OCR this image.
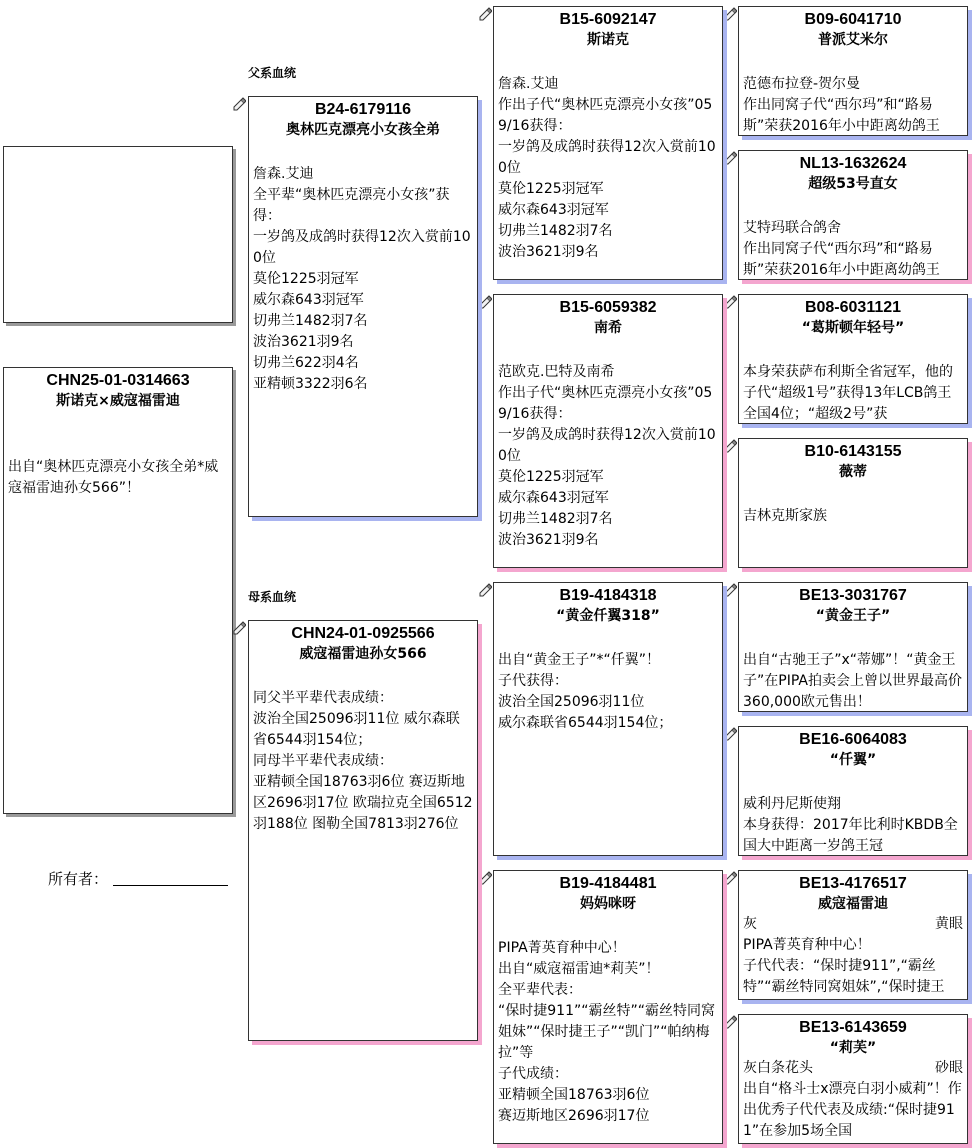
CHN25-01-0314663
斯诺克×威寇福雷迪
出自“奥林匹克漂亮小女孩全弟*威寇福雷迪孙女566”！
所有者：
父系血统
母系血统
B24-6179116
奥林匹克漂亮小女孩全弟
詹森.艾迪
全平辈“奥林匹克漂亮小女孩”获得：
一岁鸽及成鸽时获得12次入赏前100位
莫伦1225羽冠军
威尔森643羽冠军
切弗兰1482羽7名
波治3621羽9名
切弗兰622羽4名
亚精顿3322羽6名
CHN24-01-0925566
威寇福雷迪孙女566
同父半平辈代表成绩：
波治全国25096羽11位 威尔森联省6544羽154位；
同母半平辈代表成绩：
亚精顿全国18763羽6位 赛迈斯地区2696羽17位 欧瑞拉克全国6512羽188位 图勒全国7813羽276位
B15-6092147
斯诺克
詹森.艾迪
作出子代“奥林匹克漂亮小女孩”059/16获得：
一岁鸽及成鸽时获得12次入赏前100位
莫伦1225羽冠军
威尔森643羽冠军
切弗兰1482羽7名
波治3621羽9名
B15-6059382
南希
范欧克.巴特及南希
作出子代“奥林匹克漂亮小女孩”059/16获得：
一岁鸽及成鸽时获得12次入赏前100位
莫伦1225羽冠军
威尔森643羽冠军
切弗兰1482羽7名
波治3621羽9名
B19-4184318
“黄金仟翼318”
出自“黄金王子”*“仟翼”！
子代获得：
波治全国25096羽11位
威尔森联省6544羽154位；
B19-4184481
妈妈咪呀
PIPA菁英育种中心！
出自“威寇福雷迪*莉芙”！
全平辈代表：
“保时捷911”“霸丝特”“霸丝特同窝姐妹”“保时捷王子”“凯门”“帕纳梅拉”等
子代成绩：
亚精顿全国18763羽6位
赛迈斯地区2696羽17位
B09-6041710
普派艾米尔
范德布拉登-贺尔曼
作出同窝子代“西尔玛”和“路易斯”荣获2016年小中距离幼鸽王
NL13-1632624
超级53号直女
艾特玛联合鸽舍
作出同窝子代“西尔玛”和“路易斯”荣获2016年小中距离幼鸽王
B08-6031121
“葛斯顿年轻号”
本身荣获萨布利斯全省冠军，他的子代“超级1号”获得13年LCB鸽王全国4位；“超级2号”获
B10-6143155
薇蒂
吉林克斯家族
BE13-3031767
“黄金王子”
出自“古驰王子”x“蒂娜”！“黄金王子”在PIPA拍卖会上曾以世界最高价360,000欧元售出！
BE16-6064083
“仟翼”
威利丹尼斯使翔
本身获得：2017年比利时KBDB全国大中距离一岁鸽王冠
BE13-4176517
威寇福雷迪
灰	黄眼
PIPA菁英育种中心！
子代代表：“保时捷911”,“霸丝特”“霸丝特同窝姐妹”,“保时捷王
BE13-6143659
“莉芙”
灰白条花头	砂眼
出自“格斗士x漂亮白羽小威莉”！作出优秀子代代表及成绩:“保时捷911”在参加5场全国
